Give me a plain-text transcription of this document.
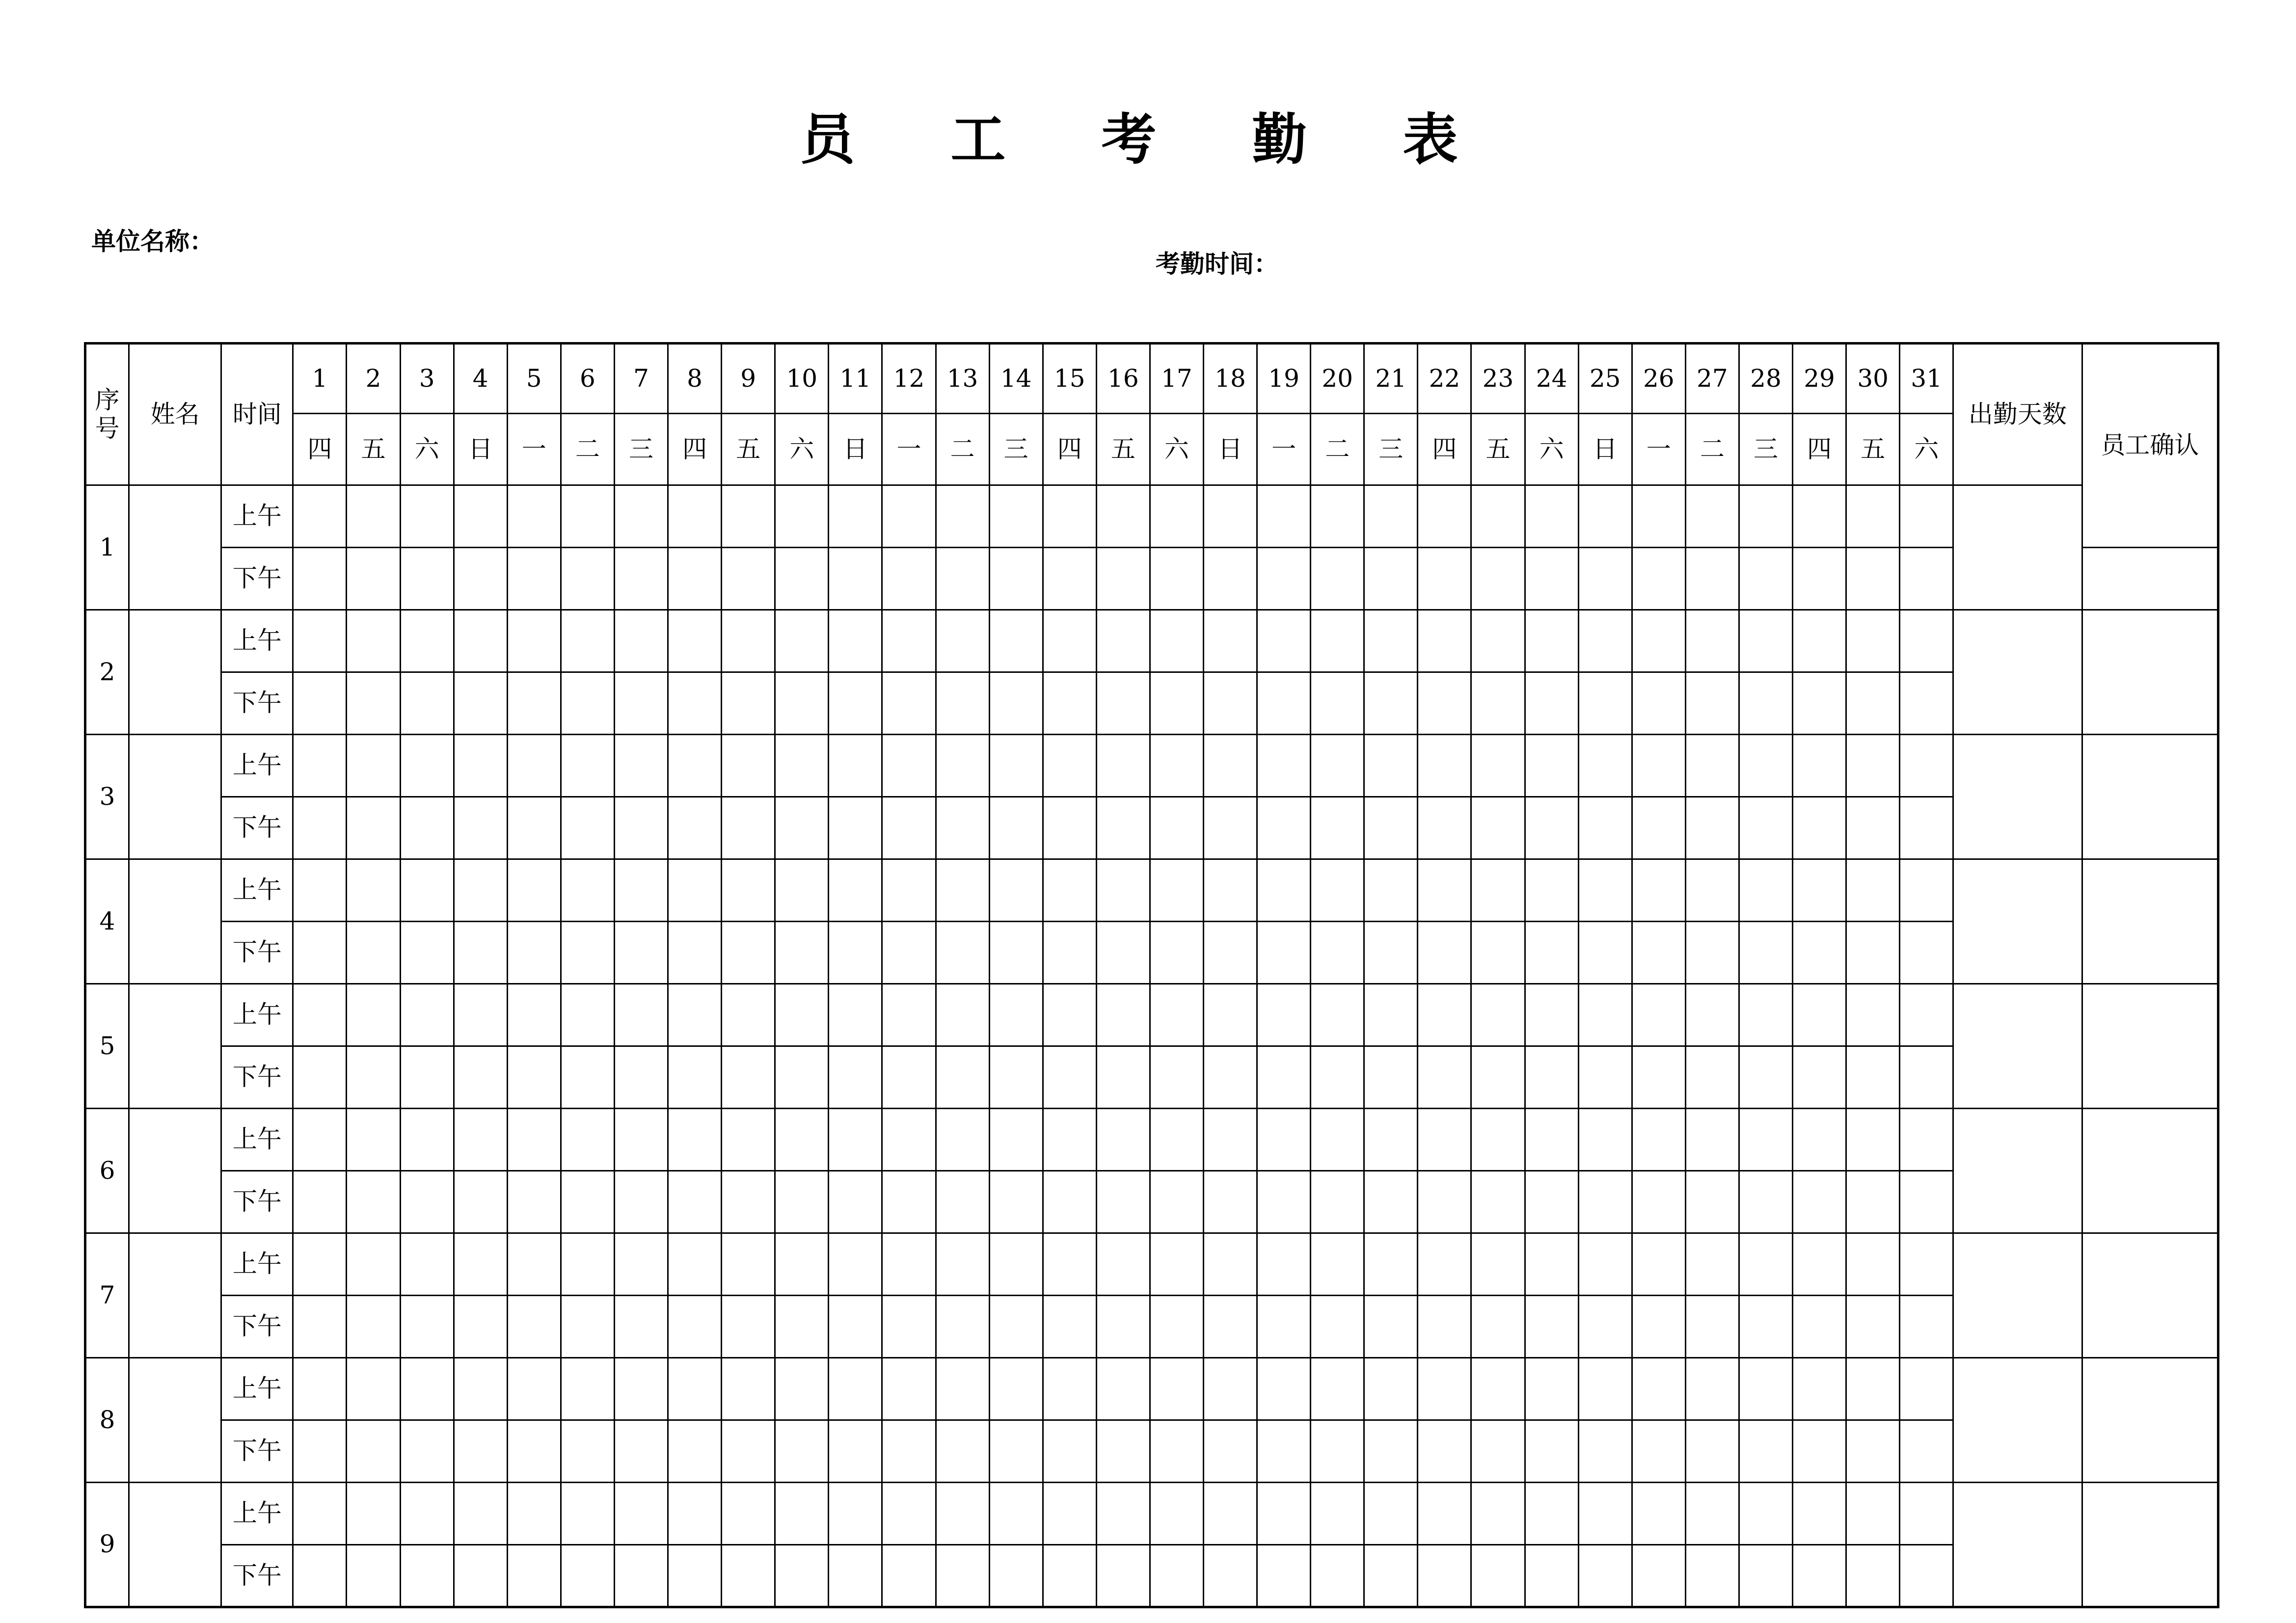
员 工 考 勤 表
单位名称：
考勤时间：
序号	姓名	时间	1	2	3	4	5	6	7	8	9	10	11	12	13	14	15	16	17	18	19	20	21	22	23	24	25	26	27	28	29	30	31	出勤天数	员工确认
			四	五	六	日	一	二	三	四	五	六	日	一	二	三	四	五	六	日	一	二	三	四	五	六	日	一	二	三	四	五	六		
1		上午																																	
		下午																																	
2		上午																																	
		下午																																	
3		上午																																	
		下午																																	
4		上午																																	
		下午																																	
5		上午																																	
		下午																																	
6		上午																																	
		下午																																	
7		上午																																	
		下午																																	
8		上午																																	
		下午																																	
9		上午																																	
		下午																																	
